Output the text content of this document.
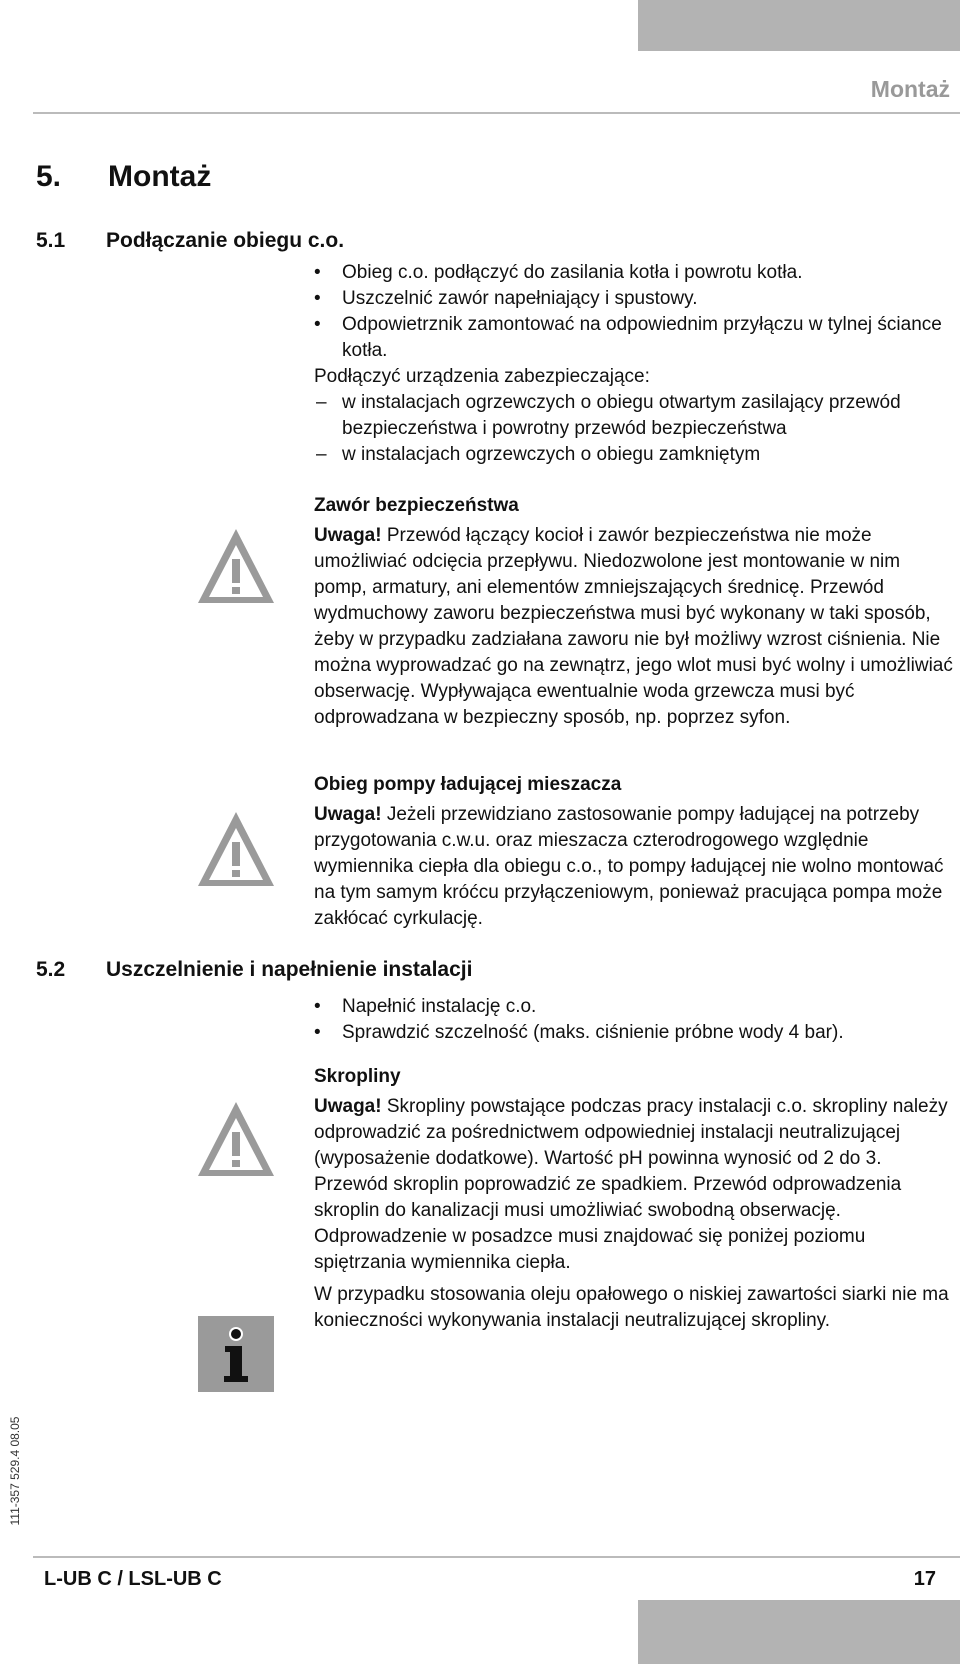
Montaż
5. Montaż
5.1 Podłączanie obiegu c.o.
• Obieg c.o. podłączyć do zasilania kotła i powrotu kotła.
• Uszczelnić zawór napełniający i spustowy.
• Odpowietrznik zamontować na odpowiednim przyłączu w tylnej ściance kotła.

Podłączyć urządzenia zabezpieczające:

– w instalacjach ogrzewczych o obiegu otwartym zasilający przewód bezpieczeństwa i powrotny przewód bezpieczeństwa
– w instalacjach ogrzewczych o obiegu zamkniętym
Zawór bezpieczeństwa

Uwaga! Przewód łączący kocioł i zawór bezpieczeństwa nie może umożliwiać odcięcia przepływu. Niedozwolone jest montowanie w nim pomp, armatury, ani elementów zmniejszających średnicę. Przewód wydmuchowy zaworu bezpieczeństwa musi być wykonany w taki sposób, żeby w przypadku zadziałana zaworu nie był możliwy wzrost ciśnienia. Nie można wyprowadzać go na zewnątrz, jego wlot musi być wolny i umożliwiać obserwację. Wypływająca ewentualnie woda grzewcza musi być odprowadzana w bezpieczny sposób, np. poprzez syfon.

Obieg pompy ładującej mieszacza

Uwaga! Jeżeli przewidziano zastosowanie pompy ładującej na potrzeby przygotowania c.w.u. oraz mieszacza czterodrogowego względnie wymiennika ciepła dla obiegu c.o., to pompy ładującej nie wolno montować na tym samym króćcu przyłączeniowym, ponieważ pracująca pompa może zakłócać cyrkulację.

5.2 Uszczelnienie i napełnienie instalacji
• Napełnić instalację c.o.
• Sprawdzić szczelność (maks. ciśnienie próbne wody 4 bar).
Skropliny

Uwaga! Skropliny powstające podczas pracy instalacji c.o. skropliny należy odprowadzić za pośrednictwem odpowiedniej instalacji neutralizującej (wyposażenie dodatkowe). Wartość pH powinna wynosić od 2 do 3.

Przewód skroplin poprowadzić ze spadkiem. Przewód odprowadzenia skroplin do kanalizacji musi umożliwiać swobodną obserwację. Odprowadzenie w posadzce musi znajdować się poniżej poziomu spiętrzania wymiennika ciepła.

W przypadku stosowania oleju opałowego o niskiej zawartości siarki nie ma konieczności wykonywania instalacji neutralizującej skropliny.

111-357 529.4 08.05
L-UB C / LSL-UB C	17
